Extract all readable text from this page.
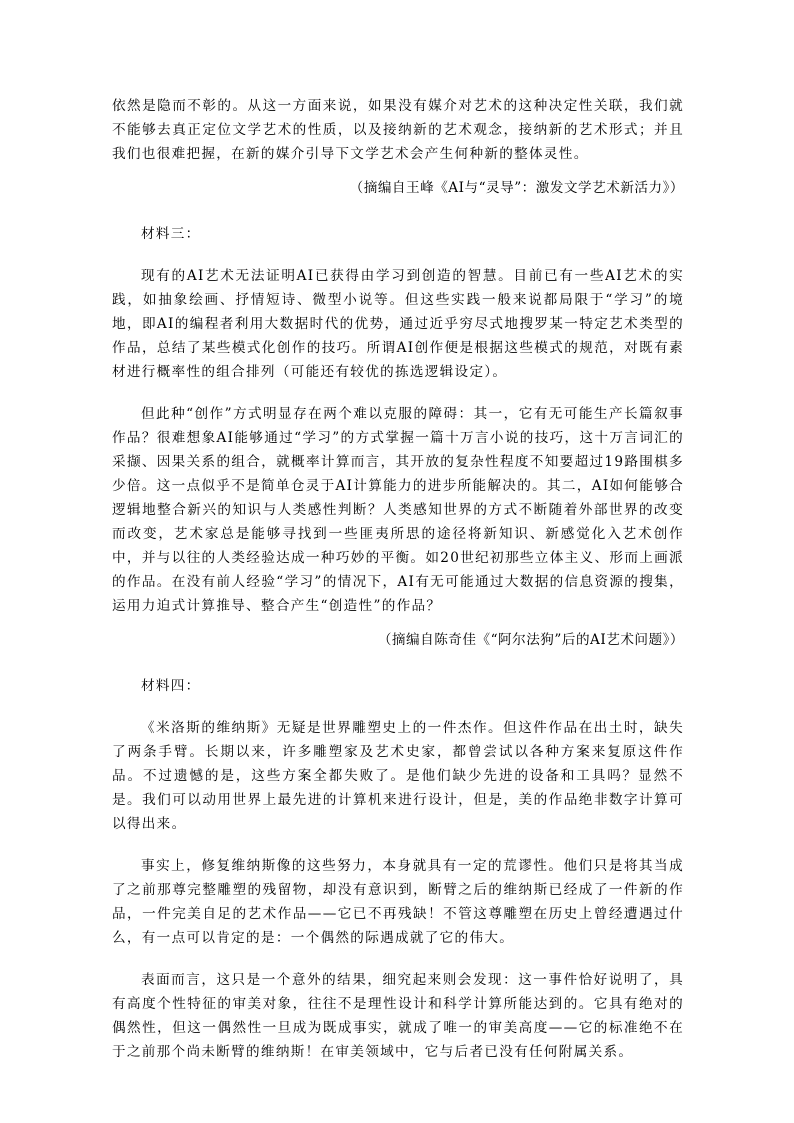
依然是隐而不彰的。从这一方面来说，如果没有媒介对艺术的这种决定性关联，我们就不能够去真正定位文学艺术的性质，以及接纳新的艺术观念，接纳新的艺术形式；并且我们也很难把握，在新的媒介引导下文学艺术会产生何种新的整体灵性。

（摘编自王峰《AI与“灵导”：激发文学艺术新活力》）

材料三：

现有的AI艺术无法证明AI已获得由学习到创造的智慧。目前已有一些AI艺术的实践，如抽象绘画、抒情短诗、微型小说等。但这些实践一般来说都局限于“学习”的境地，即AI的编程者利用大数据时代的优势，通过近乎穷尽式地搜罗某一特定艺术类型的作品，总结了某些模式化创作的技巧。所谓AI创作便是根据这些模式的规范，对既有素材进行概率性的组合排列（可能还有较优的拣选逻辑设定）。

但此种“创作”方式明显存在两个难以克服的障碍：其一，它有无可能生产长篇叙事作品？很难想象AI能够通过“学习”的方式掌握一篇十万言小说的技巧，这十万言词汇的采撷、因果关系的组合，就概率计算而言，其开放的复杂性程度不知要超过19路围棋多少倍。这一点似乎不是简单仓灵于AI计算能力的进步所能解决的。其二，AI如何能够合逻辑地整合新兴的知识与人类感性判断？人类感知世界的方式不断随着外部世界的改变而改变，艺术家总是能够寻找到一些匪夷所思的途径将新知识、新感觉化入艺术创作中，并与以往的人类经验达成一种巧妙的平衡。如20世纪初那些立体主义、形而上画派的作品。在没有前人经验“学习”的情况下，AI有无可能通过大数据的信息资源的搜集，运用力迫式计算推导、整合产生“创造性”的作品？

（摘编自陈奇佳《“阿尔法狗”后的AI艺术问题》）

材料四：

《米洛斯的维纳斯》无疑是世界雕塑史上的一件杰作。但这件作品在出土时，缺失了两条手臂。长期以来，许多雕塑家及艺术史家，都曾尝试以各种方案来复原这件作品。不过遗憾的是，这些方案全都失败了。是他们缺少先进的设备和工具吗？显然不是。我们可以动用世界上最先进的计算机来进行设计，但是，美的作品绝非数字计算可以得出来。

事实上，修复维纳斯像的这些努力，本身就具有一定的荒谬性。他们只是将其当成了之前那尊完整雕塑的残留物，却没有意识到，断臂之后的维纳斯已经成了一件新的作品，一件完美自足的艺术作品——它已不再残缺！不管这尊雕塑在历史上曾经遭遇过什么，有一点可以肯定的是：一个偶然的际遇成就了它的伟大。

表面而言，这只是一个意外的结果，细究起来则会发现：这一事件恰好说明了，具有高度个性特征的审美对象，往往不是理性设计和科学计算所能达到的。它具有绝对的偶然性，但这一偶然性一旦成为既成事实，就成了唯一的审美高度——它的标准绝不在于之前那个尚未断臂的维纳斯！在审美领域中，它与后者已没有任何附属关系。
